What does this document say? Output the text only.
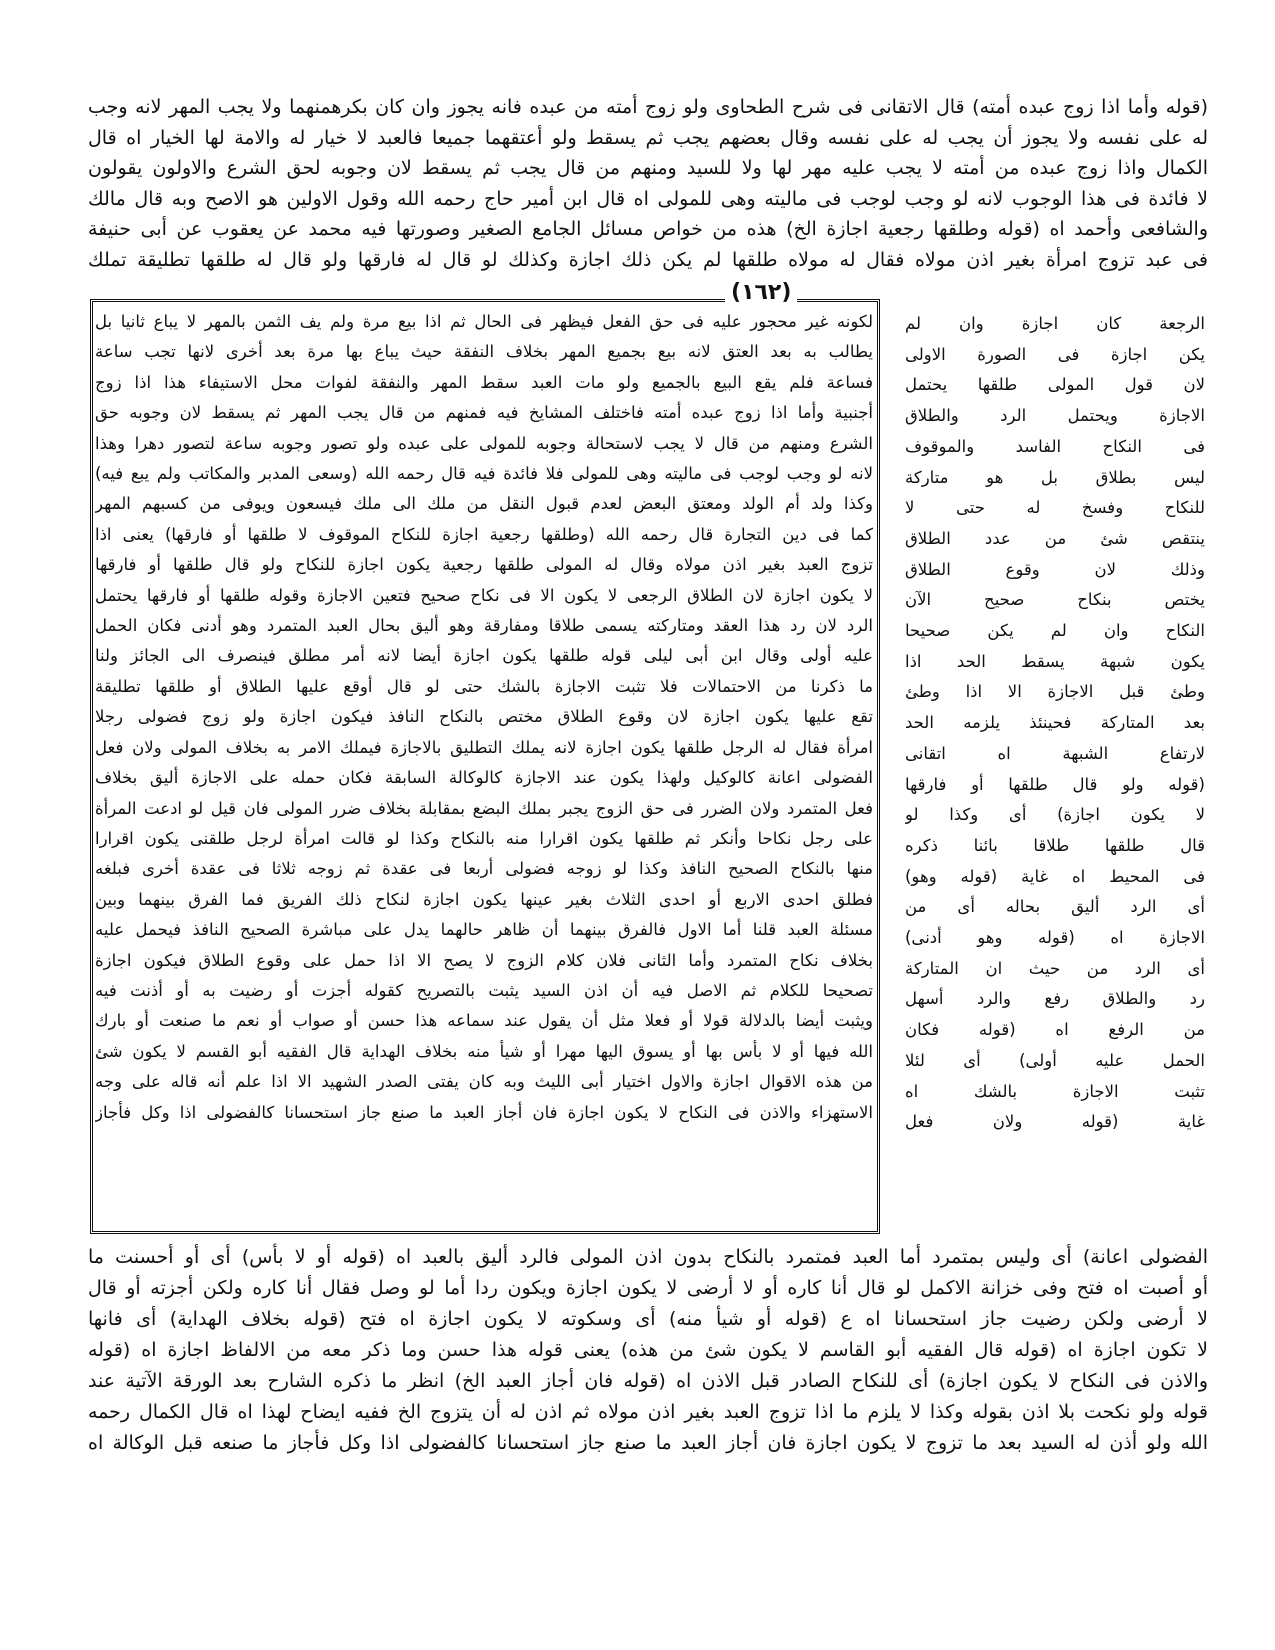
(قوله وأما اذا زوج عبده أمته) قال الاتقانى فى شرح الطحاوى ولو زوج أمته من عبده فانه يجوز وان كان بكرهمنهما ولا يجب المهر لانه وجب
له على نفسه ولا يجوز أن يجب له على نفسه وقال بعضهم يجب ثم يسقط ولو أعتقهما جميعا فالعبد لا خيار له والامة لها الخيار اه قال
الكمال واذا زوج عبده من أمته لا يجب عليه مهر لها ولا للسيد ومنهم من قال يجب ثم يسقط لان وجوبه لحق الشرع والاولون يقولون
لا فائدة فى هذا الوجوب لانه لو وجب لوجب فى ماليته وهى للمولى اه قال ابن أمير حاج رحمه الله وقول الاولين هو الاصح وبه قال مالك
والشافعى وأحمد اه (قوله وطلقها رجعية اجازة الخ) هذه من خواص مسائل الجامع الصغير وصورتها فيه محمد عن يعقوب عن أبى حنيفة
فى عبد تزوج امرأة بغير اذن مولاه فقال له مولاه طلقها لم يكن ذلك اجازة وكذلك لو قال له فارقها ولو قال له طلقها تطليقة تملك
(١٦٢)
لكونه غير محجور عليه فى حق الفعل فيظهر فى الحال ثم اذا بيع مرة ولم يف الثمن بالمهر لا يباع ثانيا بل
يطالب به بعد العتق لانه بيع بجميع المهر بخلاف النفقة حيث يباع بها مرة بعد أخرى لانها تجب ساعة
فساعة فلم يقع البيع بالجميع ولو مات العبد سقط المهر والنفقة لفوات محل الاستيفاء هذا اذا زوج
أجنبية وأما اذا زوج عبده أمته فاختلف المشايخ فيه فمنهم من قال يجب المهر ثم يسقط لان وجوبه حق
الشرع ومنهم من قال لا يجب لاستحالة وجوبه للمولى على عبده ولو تصور وجوبه ساعة لتصور دهرا وهذا
لانه لو وجب لوجب فى ماليته وهى للمولى فلا فائدة فيه قال رحمه الله (وسعى المدبر والمكاتب ولم يبع فيه)
وكذا ولد أم الولد ومعتق البعض لعدم قبول النقل من ملك الى ملك فيسعون ويوفى من كسبهم المهر
كما فى دين التجارة قال رحمه الله (وطلقها رجعية اجازة للنكاح الموقوف لا طلقها أو فارقها) يعنى اذا
تزوج العبد بغير اذن مولاه وقال له المولى طلقها رجعية يكون اجازة للنكاح ولو قال طلقها أو فارقها
لا يكون اجازة لان الطلاق الرجعى لا يكون الا فى نكاح صحيح فتعين الاجازة وقوله طلقها أو فارقها يحتمل
الرد لان رد هذا العقد ومتاركته يسمى طلاقا ومفارقة وهو أليق بحال العبد المتمرد وهو أدنى فكان الحمل
عليه أولى وقال ابن أبى ليلى قوله طلقها يكون اجازة أيضا لانه أمر مطلق فينصرف الى الجائز ولنا
ما ذكرنا من الاحتمالات فلا تثبت الاجازة بالشك حتى لو قال أوقع عليها الطلاق أو طلقها تطليقة
تقع عليها يكون اجازة لان وقوع الطلاق مختص بالنكاح النافذ فيكون اجازة ولو زوج فضولى رجلا
امرأة فقال له الرجل طلقها يكون اجازة لانه يملك التطليق بالاجازة فيملك الامر به بخلاف المولى ولان فعل
الفضولى اعانة كالوكيل ولهذا يكون عند الاجازة كالوكالة السابقة فكان حمله على الاجازة أليق بخلاف
فعل المتمرد ولان الضرر فى حق الزوج يجبر بملك البضع بمقابلة بخلاف ضرر المولى فان قيل لو ادعت المرأة
على رجل نكاحا وأنكر ثم طلقها يكون اقرارا منه بالنكاح وكذا لو قالت امرأة لرجل طلقنى يكون اقرارا
منها بالنكاح الصحيح النافذ وكذا لو زوجه فضولى أربعا فى عقدة ثم زوجه ثلاثا فى عقدة أخرى فبلغه
فطلق احدى الاربع أو احدى الثلاث بغير عينها يكون اجازة لنكاح ذلك الفريق فما الفرق بينهما وبين
مسئلة العبد قلنا أما الاول فالفرق بينهما أن ظاهر حالهما يدل على مباشرة الصحيح النافذ فيحمل عليه
بخلاف نكاح المتمرد وأما الثانى فلان كلام الزوج لا يصح الا اذا حمل على وقوع الطلاق فيكون اجازة
تصحيحا للكلام ثم الاصل فيه أن اذن السيد يثبت بالتصريح كقوله أجزت أو رضيت به أو أذنت فيه
ويثبت أيضا بالدلالة قولا أو فعلا مثل أن يقول عند سماعه هذا حسن أو صواب أو نعم ما صنعت أو بارك
الله فيها أو لا بأس بها أو يسوق اليها مهرا أو شيأ منه بخلاف الهداية قال الفقيه أبو القسم لا يكون شئ
من هذه الاقوال اجازة والاول اختيار أبى الليث وبه كان يفتى الصدر الشهيد الا اذا علم أنه قاله على وجه
الاستهزاء والاذن فى النكاح لا يكون اجازة فان أجاز العبد ما صنع جاز استحسانا كالفضولى اذا وكل فأجاز
الرجعة كان اجازة وان لم
يكن اجازة فى الصورة الاولى
لان قول المولى طلقها يحتمل
الاجازة ويحتمل الرد والطلاق
فى النكاح الفاسد والموقوف
ليس بطلاق بل هو متاركة
للنكاح وفسخ له حتى لا
ينتقص شئ من عدد الطلاق
وذلك لان وقوع الطلاق
يختص بنكاح صحيح الآن
النكاح وان لم يكن صحيحا
يكون شبهة يسقط الحد اذا
وطئ قبل الاجازة الا اذا وطئ
بعد المتاركة فحينئذ يلزمه الحد
لارتفاع الشبهة اه اتقانى
(قوله ولو قال طلقها أو فارقها
لا يكون اجازة) أى وكذا لو
قال طلقها طلاقا بائنا ذكره
فى المحيط اه غاية (قوله وهو)
أى الرد أليق بحاله أى من
الاجازة اه (قوله وهو أدنى)
أى الرد من حيث ان المتاركة
رد والطلاق رفع والرد أسهل
من الرفع اه (قوله فكان
الحمل عليه أولى) أى لئلا
تثبت الاجازة بالشك اه
غاية (قوله ولان فعل
الفضولى اعانة) أى وليس بمتمرد أما العبد فمتمرد بالنكاح بدون اذن المولى فالرد أليق بالعبد اه (قوله أو لا بأس) أى أو أحسنت ما
أو أصبت اه فتح وفى خزانة الاكمل لو قال أنا كاره أو لا أرضى لا يكون اجازة ويكون ردا أما لو وصل فقال أنا كاره ولكن أجزته أو قال
لا أرضى ولكن رضيت جاز استحسانا اه ع (قوله أو شيأ منه) أى وسكوته لا يكون اجازة اه فتح (قوله بخلاف الهداية) أى فانها
لا تكون اجازة اه (قوله قال الفقيه أبو القاسم لا يكون شئ من هذه) يعنى قوله هذا حسن وما ذكر معه من الالفاظ اجازة اه (قوله
والاذن فى النكاح لا يكون اجازة) أى للنكاح الصادر قبل الاذن اه (قوله فان أجاز العبد الخ) انظر ما ذكره الشارح بعد الورقة الآتية عند
قوله ولو نكحت بلا اذن بقوله وكذا لا يلزم ما اذا تزوج العبد بغير اذن مولاه ثم اذن له أن يتزوج الخ ففيه ايضاح لهذا اه قال الكمال رحمه
الله ولو أذن له السيد بعد ما تزوج لا يكون اجازة فان أجاز العبد ما صنع جاز استحسانا كالفضولى اذا وكل فأجاز ما صنعه قبل الوكالة اه
